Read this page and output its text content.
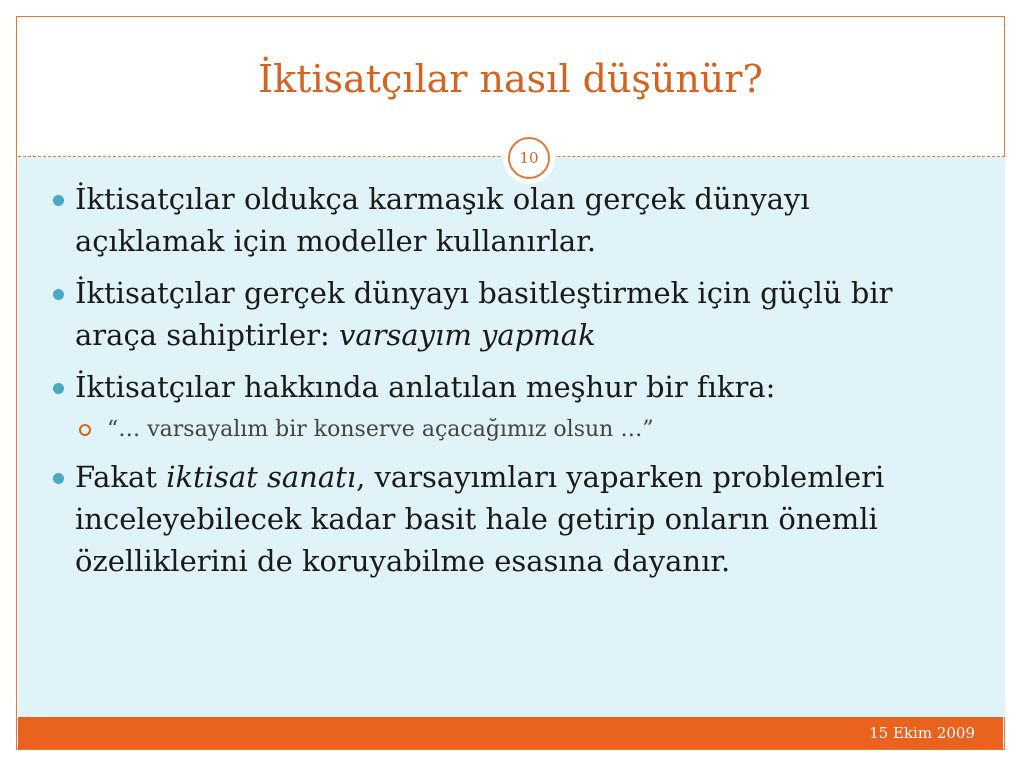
İktisatçılar nasıl düşünür?
10
15 Ekim 2009
İktisatçılar oldukça karmaşık olan gerçek dünyayı açıklamak için modeller kullanırlar.
İktisatçılar gerçek dünyayı basitleştirmek için güçlü bir araça sahiptirler: varsayım yapmak
İktisatçılar hakkında anlatılan meşhur bir fıkra:
“… varsayalım bir konserve açacağımız olsun …”
Fakat iktisat sanatı, varsayımları yaparken problemleri inceleyebilecek kadar basit hale getirip onların önemli özelliklerini de koruyabilme esasına dayanır.
